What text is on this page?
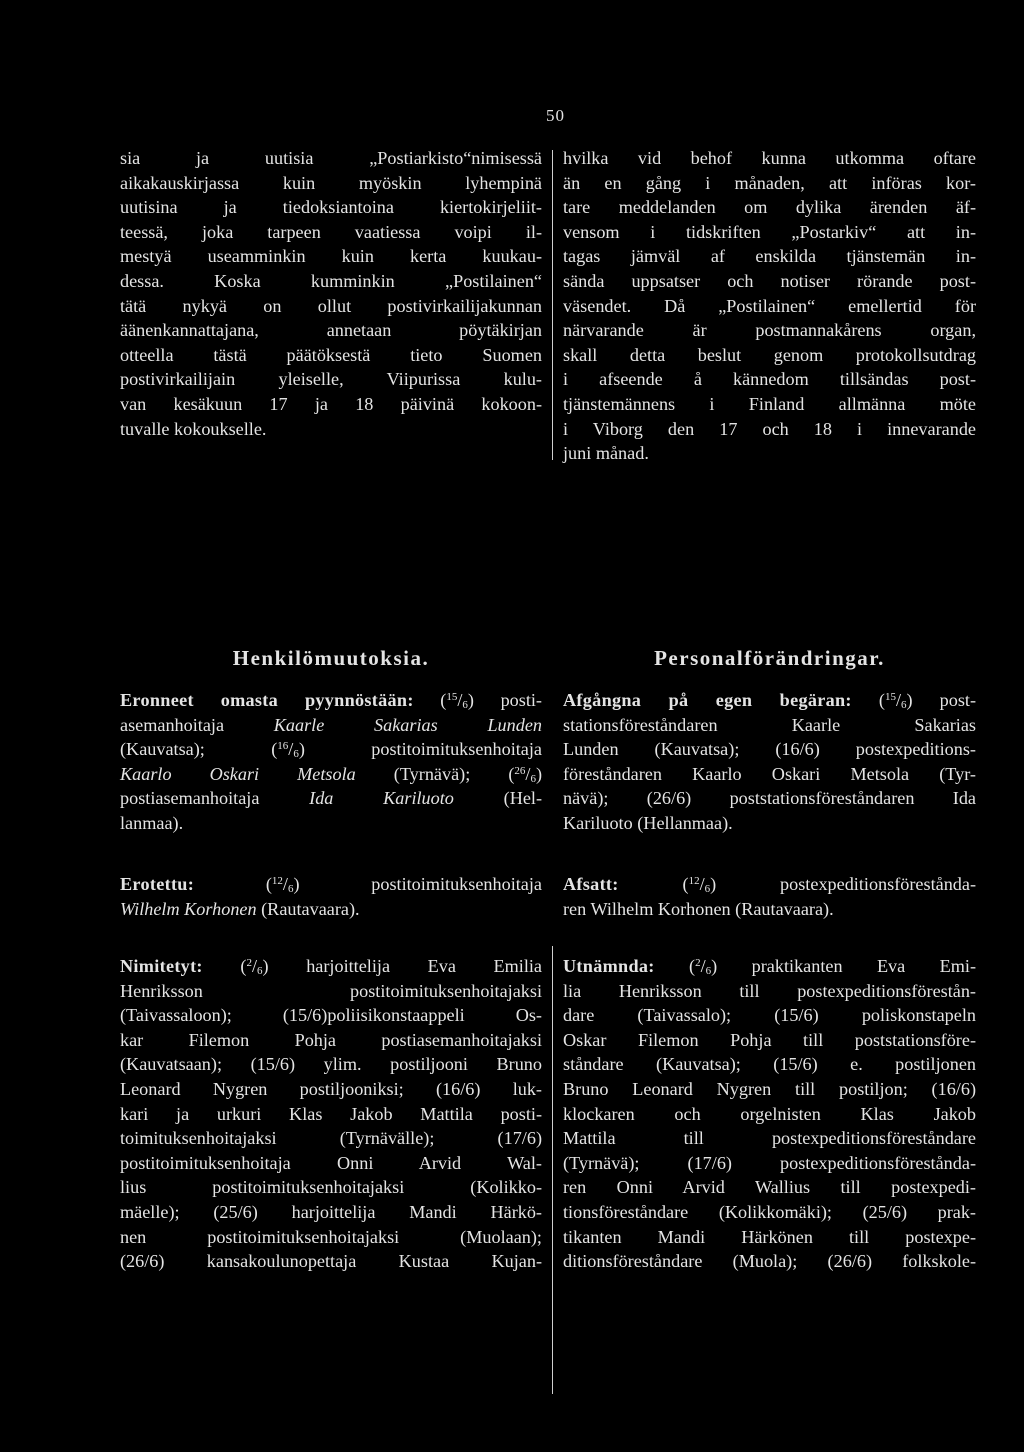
50
sia ja uutisia „Postiarkisto“nimisessä
aikakauskirjassa kuin myöskin lyhempinä
uutisina ja tiedoksiantoina kiertokirjeliit-
teessä, joka tarpeen vaatiessa voipi il-
mestyä useamminkin kuin kerta kuukau-
dessa. Koska kumminkin „Postilainen“
tätä nykyä on ollut postivirkailijakunnan
äänenkannattajana, annetaan pöytäkirjan
otteella tästä päätöksestä tieto Suomen
postivirkailijain yleiselle, Viipurissa kulu-
van kesäkuun 17 ja 18 päivinä kokoon-
tuvalle kokoukselle.
hvilka vid behof kunna utkomma oftare
än en gång i månaden, att införas kor-
tare meddelanden om dylika ärenden äf-
vensom i tidskriften „Postarkiv“ att in-
tagas jämväl af enskilda tjänstemän in-
sända uppsatser och notiser rörande post-
väsendet. Då „Postilainen“ emellertid för
närvarande är postmannakårens organ,
skall detta beslut genom protokollsutdrag
i afseende å kännedom tillsändas post-
tjänstemännens i Finland allmänna möte
i Viborg den 17 och 18 i innevarande
juni månad.
Henkilömuutoksia.	Personalförändringar.
Eronneet omasta pyynnöstään: $(^{15}/_6)$ posti-
asemanhoitaja	Kaarle Sakarias Lunden
(Kauvatsa); $(^{16}/_6)$ postitoimituksenhoitaja
Kaarlo Oskari Metsola (Tyrnävä); $(^{26}/_6)$
postiasemanhoitaja	Ida Kariluoto	(Hel-
lanmaa).
Erotettu: $(^{12}/_6)$ postitoimituksenhoitaja
Wilhelm Korhonen (Rautavaara).
Nimitetyt: $(^2/_6)$ harjoittelija Eva Emilia
Henriksson postitoimituksenhoitajaksi
(Taivassaloon); (15/6)poliisikonstaappeli Os-
kar Filemon Pohja postiasemanhoitajaksi
(Kauvatsaan); (15/6) ylim. postiljooni Bruno
Leonard Nygren postiljooniksi; (16/6) luk-
kari ja urkuri Klas Jakob Mattila posti-
toimituksenhoitajaksi (Tyrnävälle); (17/6)
postitoimituksenhoitaja Onni Arvid Wal-
lius postitoimituksenhoitajaksi (Kolikko-
mäelle); (25/6) harjoittelija Mandi Härkö-
nen postitoimituksenhoitajaksi (Muolaan);
(26/6) kansakoulunopettaja Kustaa Kujan-
Afgångna på egen begäran: $(^{15}/_6)$ post-
stationsföreståndaren Kaarle Sakarias
Lunden (Kauvatsa); (16/6) postexpeditions-
föreståndaren Kaarlo Oskari Metsola (Tyr-
nävä); (26/6) poststationsföreståndaren Ida
Kariluoto (Hellanmaa).
Afsatt: $(^{12}/_6)$ postexpeditionsförestånda-
ren Wilhelm Korhonen (Rautavaara).
Utnämnda: $(^2/_6)$ praktikanten Eva Emi-
lia Henriksson till postexpeditionsförestån-
dare (Taivassalo); (15/6) poliskonstapeln
Oskar Filemon Pohja till poststationsföre-
ståndare (Kauvatsa); (15/6) e. postiljonen
Bruno Leonard Nygren till postiljon; (16/6)
klockaren och orgelnisten Klas Jakob
Mattila till postexpeditionsföreståndare
(Tyrnävä); (17/6) postexpeditionsförestånda-
ren Onni Arvid Wallius till postexpedi-
tionsföreståndare (Kolikkomäki); (25/6) prak-
tikanten Mandi Härkönen till postexpe-
ditionsföreståndare (Muola); (26/6) folkskole-
